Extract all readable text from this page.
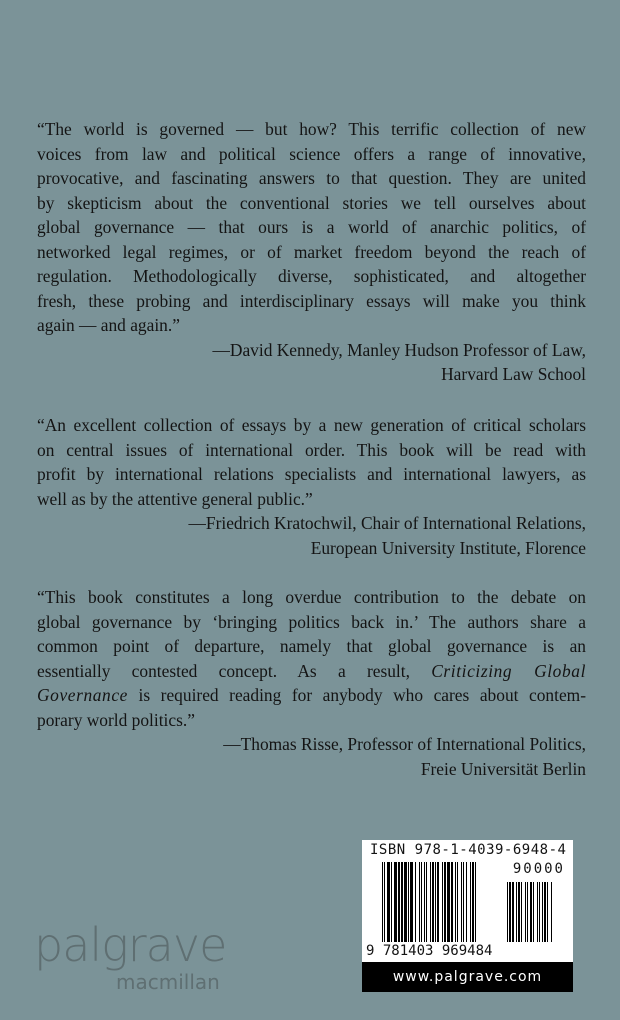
“The world is governed — but how? This terrific collection of new
voices from law and political science offers a range of innovative,
provocative, and fascinating answers to that question. They are united
by skepticism about the conventional stories we tell ourselves about
global governance — that ours is a world of anarchic politics, of
networked legal regimes, or of market freedom beyond the reach of
regulation. Methodologically diverse, sophisticated, and altogether
fresh, these probing and interdisciplinary essays will make you think
again — and again.”
—David Kennedy, Manley Hudson Professor of Law,
Harvard Law School
“An excellent collection of essays by a new generation of critical scholars
on central issues of international order. This book will be read with
profit by international relations specialists and international lawyers, as
well as by the attentive general public.”
—Friedrich Kratochwil, Chair of International Relations,
European University Institute, Florence
“This book constitutes a long overdue contribution to the debate on
global governance by ‘bringing politics back in.’ The authors share a
common point of departure, namely that global governance is an
essentially contested concept. As a result, Criticizing Global
Governance is required reading for anybody who cares about contem-
porary world politics.”
—Thomas Risse, Professor of International Politics,
Freie Universität Berlin
ISBN 978-1-4039-6948-4
90000
9 781403 969484
www.palgrave.com
palgrave
macmillan
